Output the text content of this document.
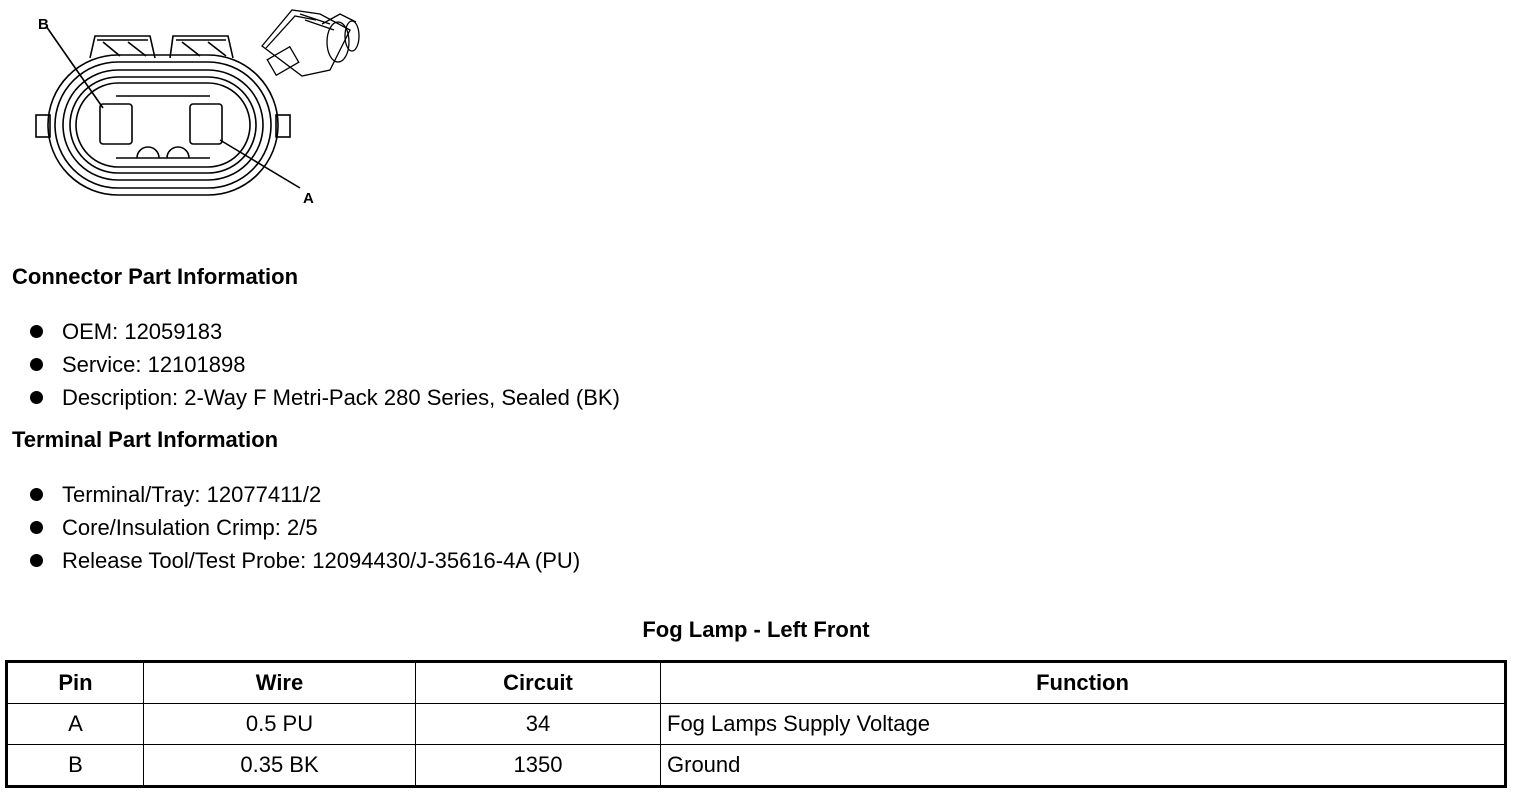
B
A
Connector Part Information
OEM: 12059183
Service: 12101898
Description: 2-Way F Metri-Pack 280 Series, Sealed (BK)
Terminal Part Information
Terminal/Tray: 12077411/2
Core/Insulation Crimp: 2/5
Release Tool/Test Probe: 12094430/J-35616-4A (PU)
Fog Lamp - Left Front
Pin	Wire	Circuit	Function
A	0.5 PU	34	Fog Lamps Supply Voltage
B	0.35 BK	1350	Ground
